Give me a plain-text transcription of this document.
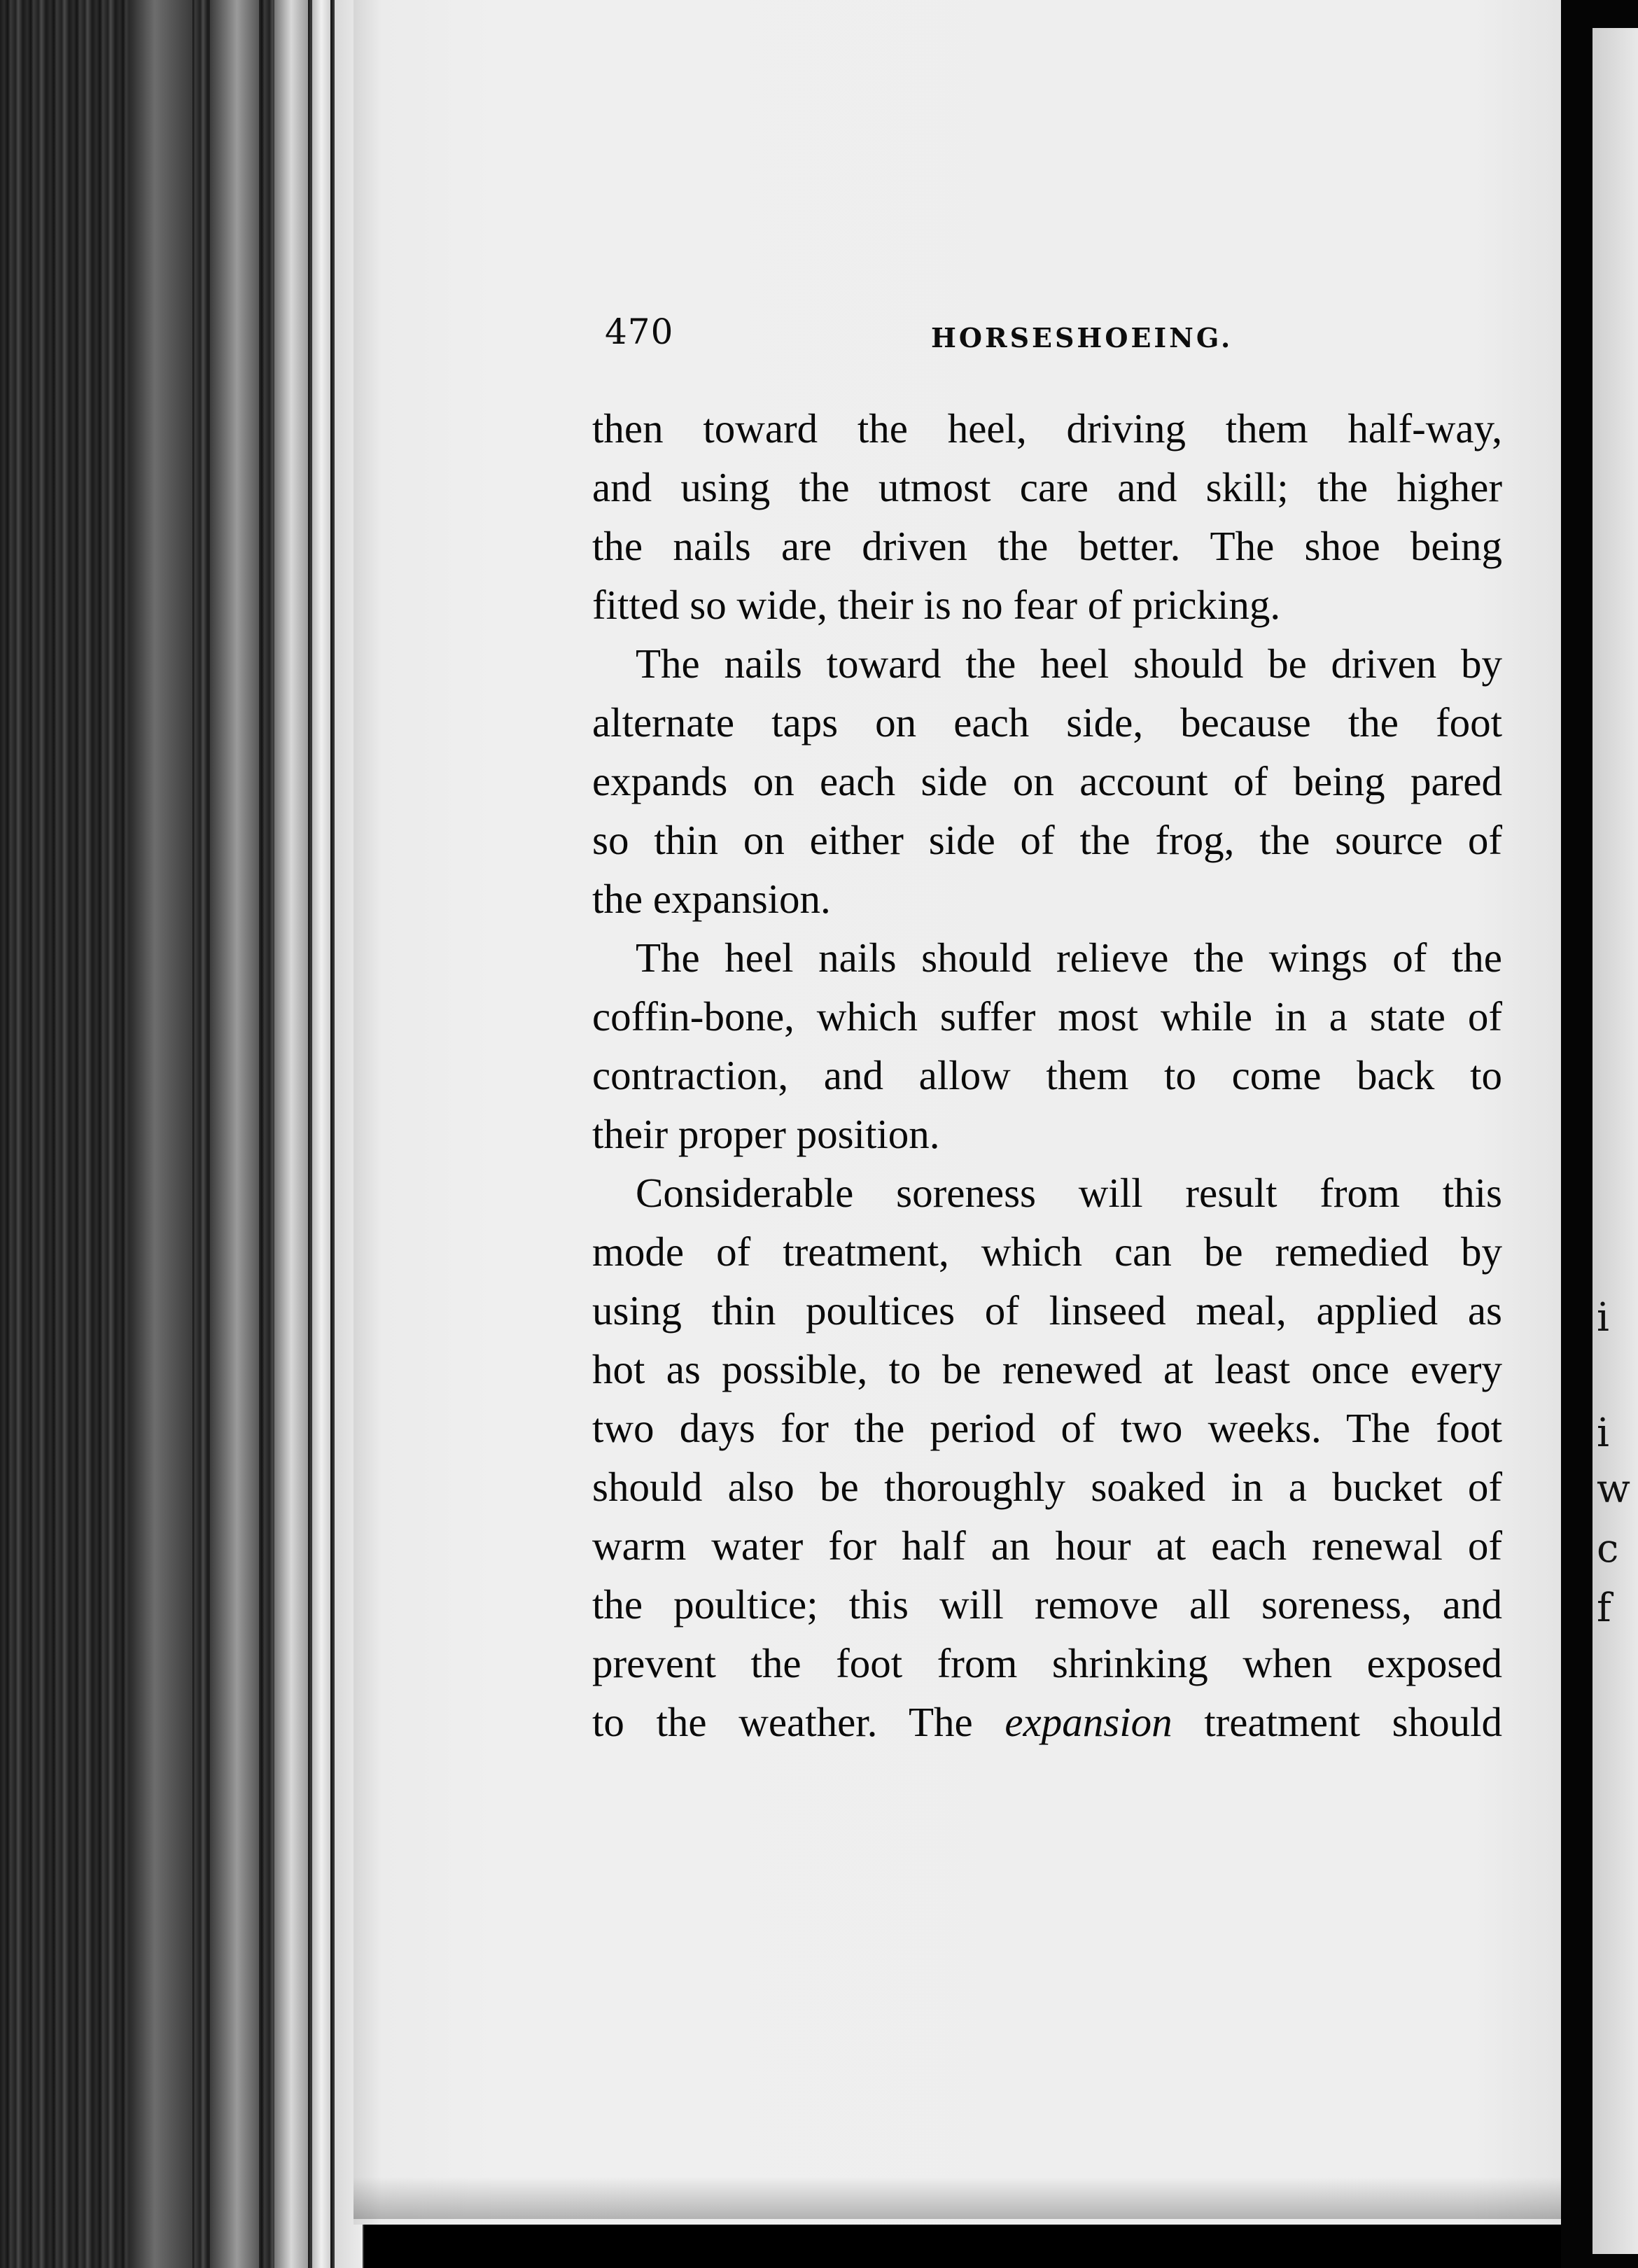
i
i
w
c
f
470	HORSESHOEING.
then toward the heel, driving them half-way,
and using the utmost care and skill; the higher
the nails are driven the better. The shoe being
fitted so wide, their is no fear of pricking.
The nails toward the heel should be driven by
alternate taps on each side, because the foot
expands on each side on account of being pared
so thin on either side of the frog, the source of
the expansion.
The heel nails should relieve the wings of the
coffin-bone, which suffer most while in a state of
contraction, and allow them to come back to
their proper position.
Considerable soreness will result from this
mode of treatment, which can be remedied by
using thin poultices of linseed meal, applied as
hot as possible, to be renewed at least once every
two days for the period of two weeks. The foot
should also be thoroughly soaked in a bucket of
warm water for half an hour at each renewal of
the poultice; this will remove all soreness, and
prevent the foot from shrinking when exposed
to the weather. The expansion treatment should
